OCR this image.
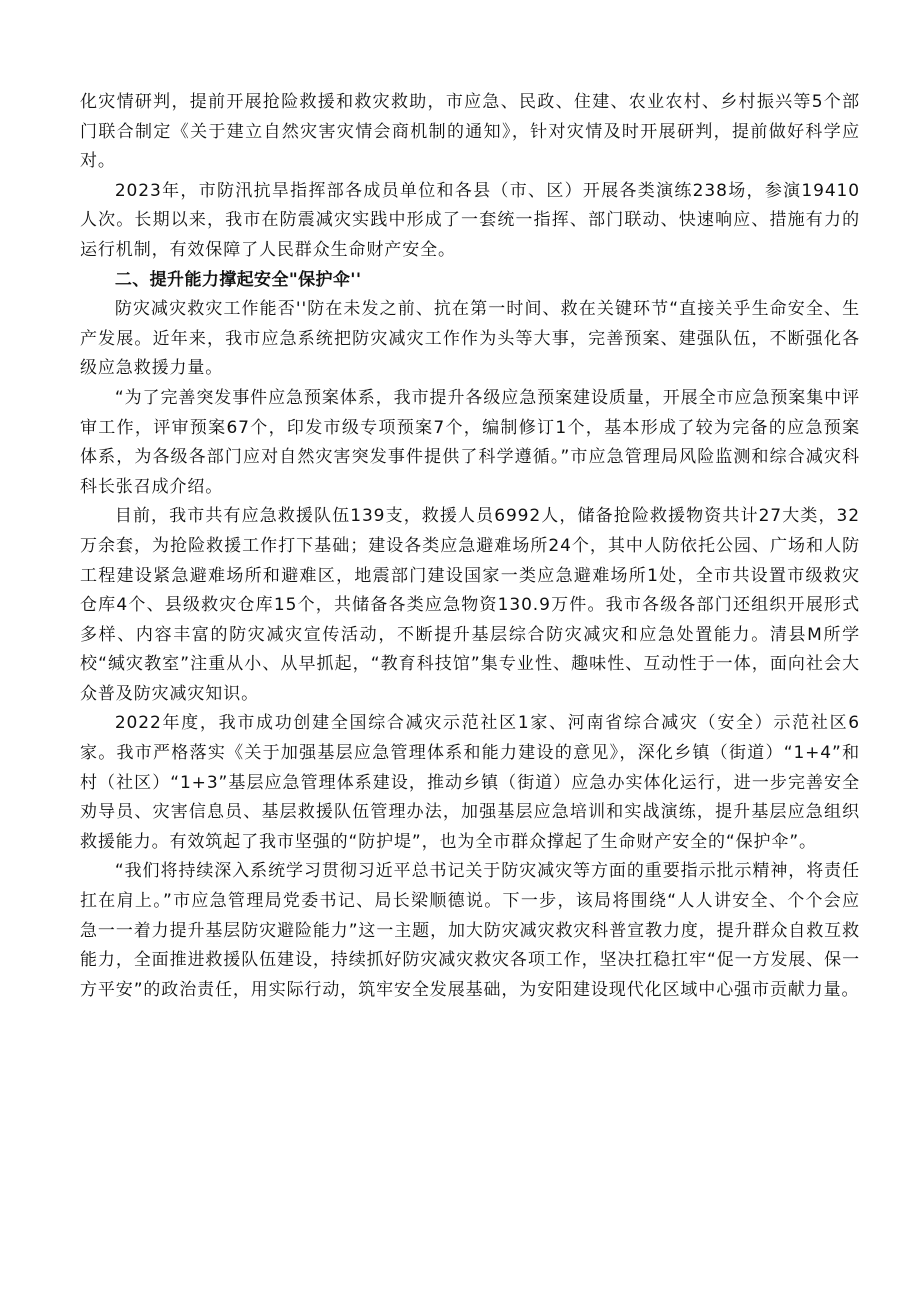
化灾情研判，提前开展抢险救援和救灾救助，市应急、民政、住建、农业农村、乡村振兴等5个部门联合制定《关于建立自然灾害灾情会商机制的通知》，针对灾情及时开展研判，提前做好科学应对。

2023年，市防汛抗旱指挥部各成员单位和各县（市、区）开展各类演练238场，参演19410人次。长期以来，我市在防震减灾实践中形成了一套统一指挥、部门联动、快速响应、措施有力的运行机制，有效保障了人民群众生命财产安全。

二、提升能力撑起安全"保护伞''

防灾减灾救灾工作能否''防在未发之前、抗在第一时间、救在关键环节“直接关乎生命安全、生产发展。近年来，我市应急系统把防灾减灾工作作为头等大事，完善预案、建强队伍，不断强化各级应急救援力量。

“为了完善突发事件应急预案体系，我市提升各级应急预案建设质量，开展全市应急预案集中评审工作，评审预案67个，印发市级专项预案7个，编制修订1个，基本形成了较为完备的应急预案体系，为各级各部门应对自然灾害突发事件提供了科学遵循。”市应急管理局风险监测和综合减灾科科长张召成介绍。

目前，我市共有应急救援队伍139支，救援人员6992人，储备抢险救援物资共计27大类，32万余套，为抢险救援工作打下基础；建设各类应急避难场所24个，其中人防依托公园、广场和人防工程建设紧急避难场所和避难区，地震部门建设国家一类应急避难场所1处，全市共设置市级救灾仓库4个、县级救灾仓库15个，共储备各类应急物资130.9万件。我市各级各部门还组织开展形式多样、内容丰富的防灾减灾宣传活动，不断提升基层综合防灾减灾和应急处置能力。清县M所学校“缄灾教室”注重从小、从早抓起，“教育科技馆”集专业性、趣味性、互动性于一体，面向社会大众普及防灾减灾知识。

2022年度，我市成功创建全国综合减灾示范社区1家、河南省综合减灾（安全）示范社区6家。我市严格落实《关于加强基层应急管理体系和能力建设的意见》，深化乡镇（街道）“1+4”和村（社区）“1+3”基层应急管理体系建设，推动乡镇（街道）应急办实体化运行，进一步完善安全劝导员、灾害信息员、基层救援队伍管理办法，加强基层应急培训和实战演练，提升基层应急组织救援能力。有效筑起了我市坚强的“防护堤”，也为全市群众撑起了生命财产安全的“保护伞”。

“我们将持续深入系统学习贯彻习近平总书记关于防灾减灾等方面的重要指示批示精神，将责任扛在肩上。”市应急管理局党委书记、局长梁顺德说。下一步，该局将围绕“人人讲安全、个个会应急一一着力提升基层防灾避险能力”这一主题，加大防灾减灾救灾科普宣教力度，提升群众自救互救能力，全面推进救援队伍建设，持续抓好防灾减灾救灾各项工作，坚决扛稳扛牢“促一方发展、保一方平安”的政治责任，用实际行动，筑牢安全发展基础，为安阳建设现代化区域中心强市贡献力量。
